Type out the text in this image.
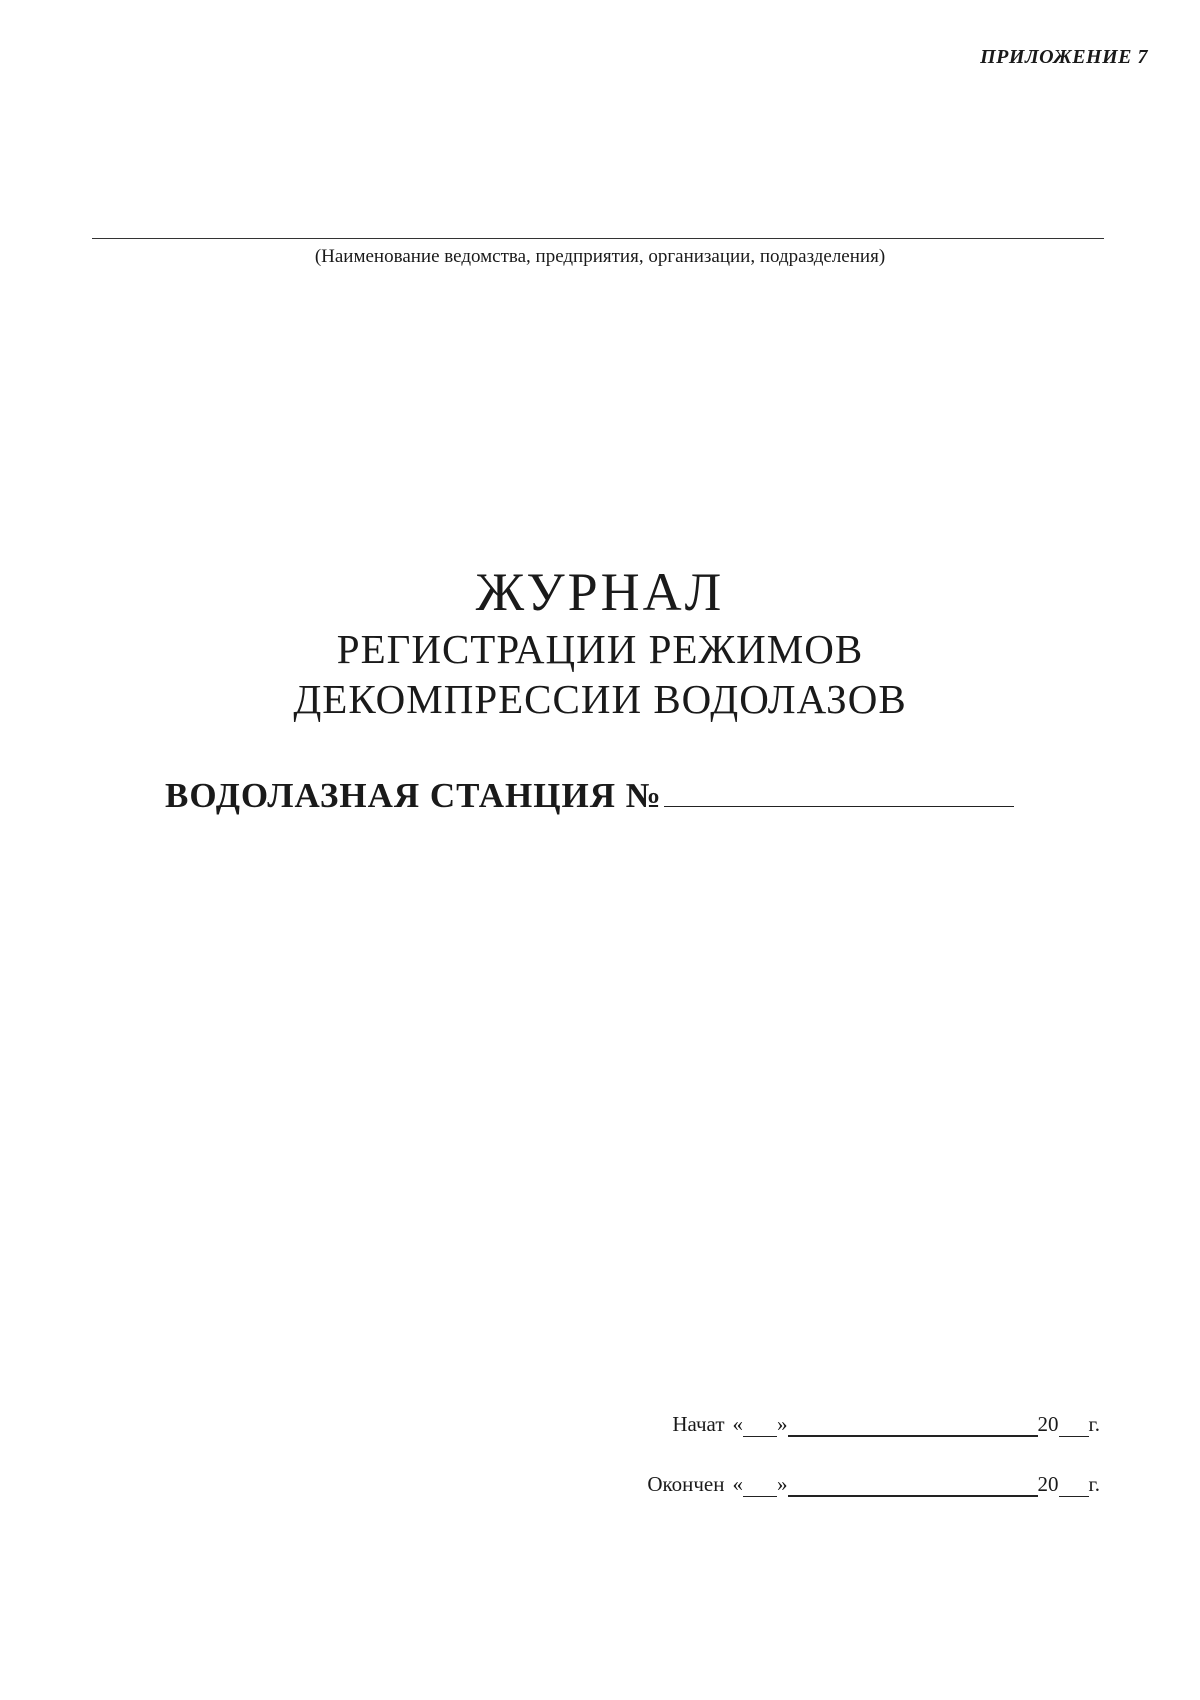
ПРИЛОЖЕНИЕ 7
(Наименование ведомства, предприятия, организации, подразделения)
ЖУРНАЛ
РЕГИСТРАЦИИ РЕЖИМОВ
ДЕКОМПРЕССИИ ВОДОЛАЗОВ
ВОДОЛАЗНАЯ СТАНЦИЯ №
Начат « »	20 г.
Окончен « »	20 г.
